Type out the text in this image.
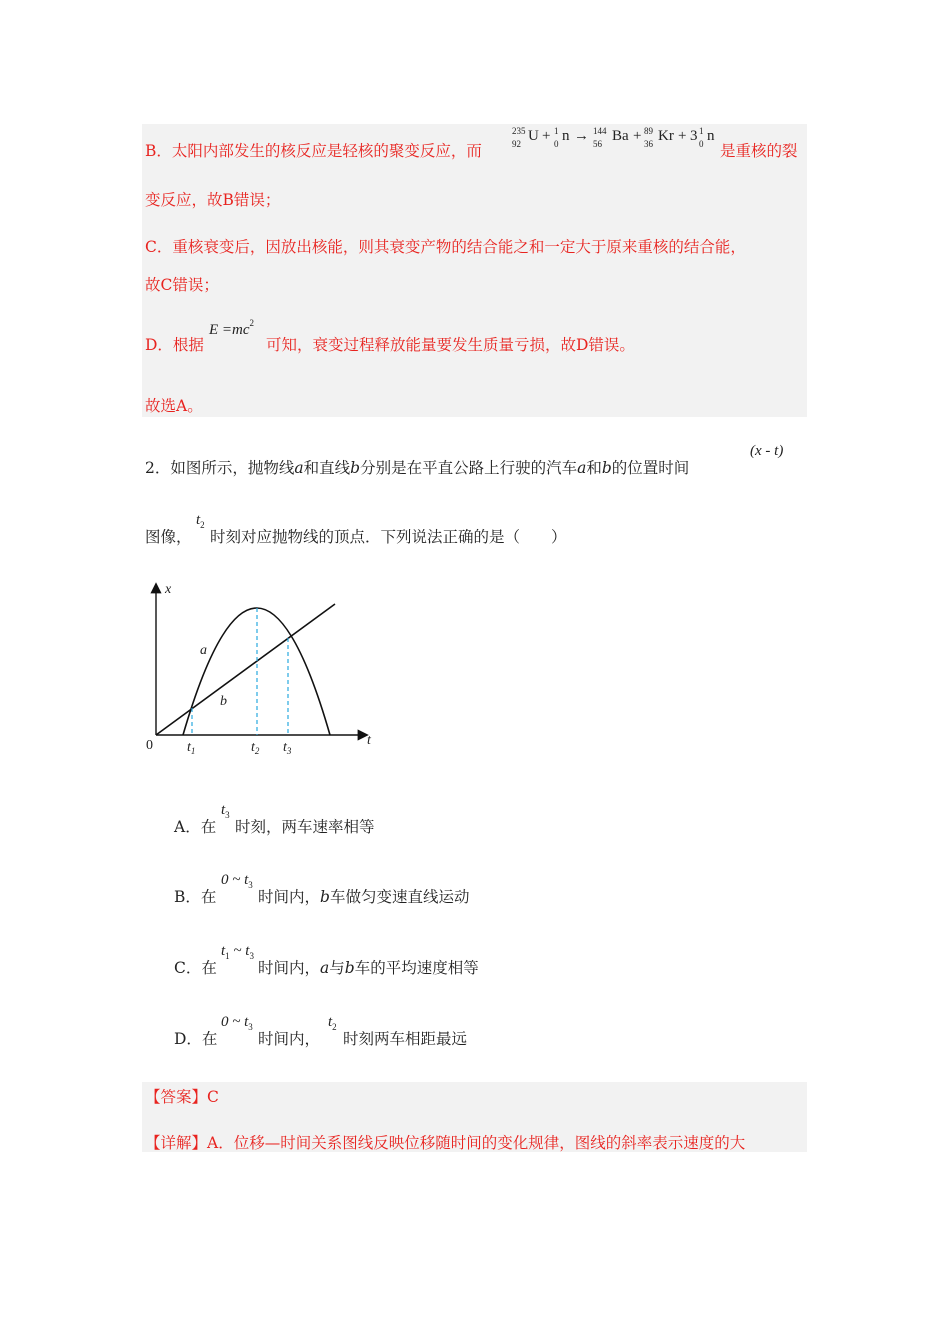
B．太阳内部发生的核反应是轻核的聚变反应，而
235
92 U + 1
0 n → 144
56 Ba + 89
36 Kr + 3 1
0 n
是重核的裂
变反应，故B错误；
C．重核衰变后，因放出核能，则其衰变产物的结合能之和一定大于原来重核的结合能，
故C错误；
D．根据
$E =mc^2$
可知，衰变过程释放能量要发生质量亏损，故D错误。
故选A。
2．如图所示，抛物线a和直线b分别是在平直公路上行驶的汽车a和b的位置时间
(x - t)
图像，
$t_2$
时刻对应抛物线的顶点．下列说法正确的是（　　）
x
t
0
a
b
$t_1$	$t_2$ $t_3$
A．在
$t_3$
时刻，两车速率相等
B．在
0 ~ $t_3$
时间内，b车做匀变速直线运动
C．在
$t_1$ ~ $t_3$
时间内，a与b车的平均速度相等
D．在
0 ~ $t_3$
时间内，
$t_2$
时刻两车相距最远
【答案】C
【详解】A．位移—时间关系图线反映位移随时间的变化规律，图线的斜率表示速度的大
